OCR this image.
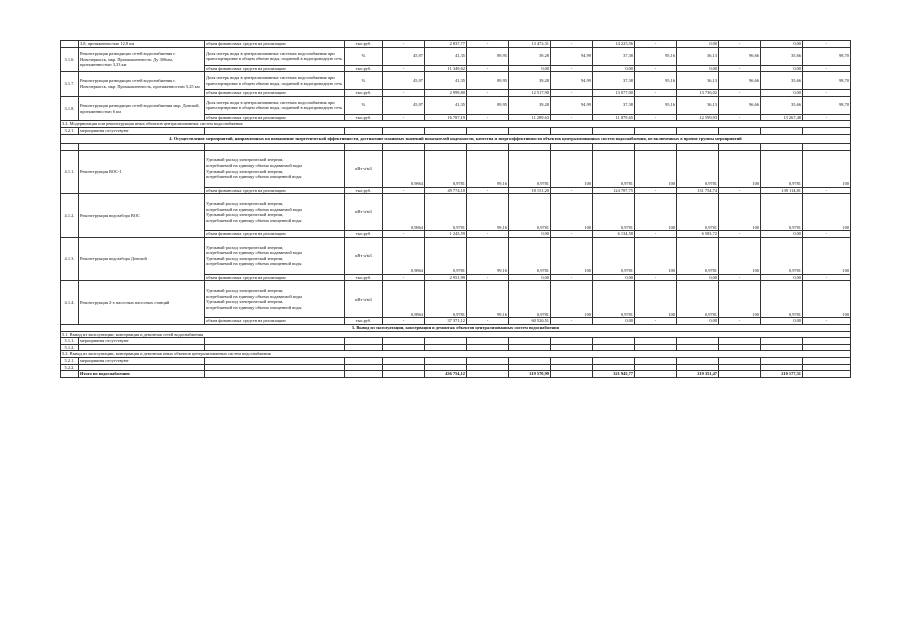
	3,8, протяженностью 12,8 км	объем финансовых средств на реализацию	тыс.руб.	-	2 837,77	-	13 472,31	-	14 225,56	-	0,00	-	0,00	-
3.1.6.	Реконструкция разводящих сетей водоснабжения г. Новочеркасск, мкр. Промышленность: Ду 300мм, протяженностью 3,33 км	Доля потерь воды в централизованных системах водоснабжения при транспортировке в общем объеме воды, поданной в водопроводную сеть	%	45,97	41,35	89,95	39,28	94,99	37,38	95,16	36,13	96,66	35,66	98,70
		объем финансовых средств на реализацию	тыс.руб.	-	11 349,62	-	0,00	-	0,00	-	0,00	-	0,00	-
3.1.7.	Реконструкция разводящих сетей водоснабжения г. Новочеркасск, мкр. Промышленность, протяженностью 5,25 км	Доля потерь воды в централизованных системах водоснабжения при транспортировке в общем объеме воды, поданной в водопроводную сеть	%	45,97	41,35	89,95	39,28	94,99	37,38	95,16	36,13	96,66	35,66	98,70
		объем финансовых средств на реализацию	тыс.руб.	-	2 999,80	-	12 517,90	-	13 077,00	-	13 736,02	-	0,00	-
3.1.8.	Реконструкция разводящих сетей водоснабжения мкр. Донской, протяженностью 6 км	Доля потерь воды в централизованных системах водоснабжения при транспортировке в общем объеме воды, поданной в водопроводную сеть	%	45,97	41,35	89,95	39,28	94,99	37,38	95,16	36,13	96,66	35,66	98,70
		объем финансовых средств на реализацию	тыс.руб.	-	16 787,19	-	11 289,63	-	11 879,65	-	12 599,93	-	13 267,48	-
3.2. Модернизация или реконструкция иных объектов централизованных систем водоснабжения														
3.2.1.	мероприятия отсутствуют													
4. Осуществление мероприятий, направленных на повышение энергетической эффективности, достижение плановых значений показателей надежности, качества и энергоэффективности объектов централизованных систем водоснабжения, не включенных в прочие группы мероприятий														

4.1.1.	Реконструкция ВОС-1	Удельный расход электрической энергии,
потребляемой на единицу объема подаваемой воды
Удельный расход электрической энергии,
потребляемой на единицу объема очищенной воды	кВт ч/м3	0,9864	0,9781	99,16	0,9781	100	0,9781	100	0,9781	100	0,9781	100
		объем финансовых средств на реализацию	тыс.руб.	-	49 774,10	-	18 151,20	-	124 787,75	-	131 754,74	-	139 114,81	-
4.1.2.	Реконструкция водозабора ВОС	Удельный расход электрической энергии,
потребляемой на единицу объема подаваемой воды
Удельный расход электрической энергии,
потребляемой на единицу объема очищенной воды	кВт ч/м3	0,9864	0,9781	99,16	0,9781	100	0,9781	100	0,9781	100	0,9781	100
		объем финансовых средств на реализацию	тыс.руб.	-	1 243,59	-	0,00	-	6 134,58	-	6 583,72	-	0,00	-
4.1.3.	Реконструкция водозабора Донской	Удельный расход электрической энергии,
потребляемой на единицу объема подаваемой воды
Удельный расход электрической энергии,
потребляемой на единицу объема очищенной воды	кВт ч/м3	0,9864	0,9781	99,16	0,9781	100	0,9781	100	0,9781	100	0,9781	100
		объем финансовых средств на реализацию	тыс.руб.	-	2 951,99	-	0,00	-	0,00	-	0,00	-	0,00	-
4.1.4.	Реконструкция 2-х насосных насосных станций	Удельный расход электрической энергии,
потребляемой на единицу объема подаваемой воды
Удельный расход электрической энергии,
потребляемой на единицу объема очищенной воды	кВт ч/м3	0,9864	0,9781	99,16	0,9781	100	0,9781	100	0,9781	100	0,9781	100
		объем финансовых средств на реализацию	тыс.руб.	-	37 371,12	-	60 526,51	-	0,00	-	0,00	-	0,00	-
5. Вывод из эксплуатации, консервация и демонтаж объектов централизованных систем водоснабжения														
5.1. Вывод из эксплуатации, консервация и демонтаж сетей водоснабжения														
5.1.1.	мероприятия отсутствуют													
5.1.2.														
5.2. Вывод из эксплуатации, консервация и демонтаж иных объектов централизованных систем водоснабжения														
5.2.1.	мероприятия отсутствуют													
5.2.2.														
	Итого по водоснабжению				436 754,12		319 570,99		321 945,77		219 351,47		210 177,31	
